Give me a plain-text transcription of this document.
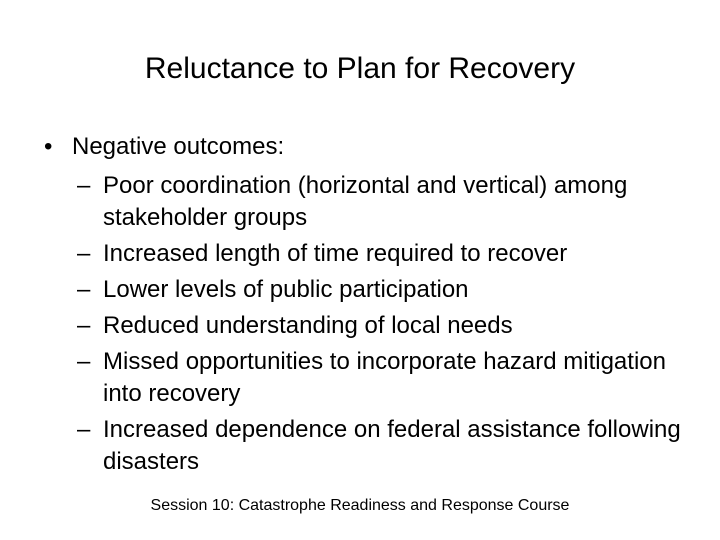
Reluctance to Plan for Recovery
• Negative outcomes:
– Poor coordination (horizontal and vertical) among stakeholder groups
– Increased length of time required to recover
– Lower levels of public participation
– Reduced understanding of local needs
– Missed opportunities to incorporate hazard mitigation into recovery
– Increased dependence on federal assistance following disasters
Session 10: Catastrophe Readiness and Response Course
